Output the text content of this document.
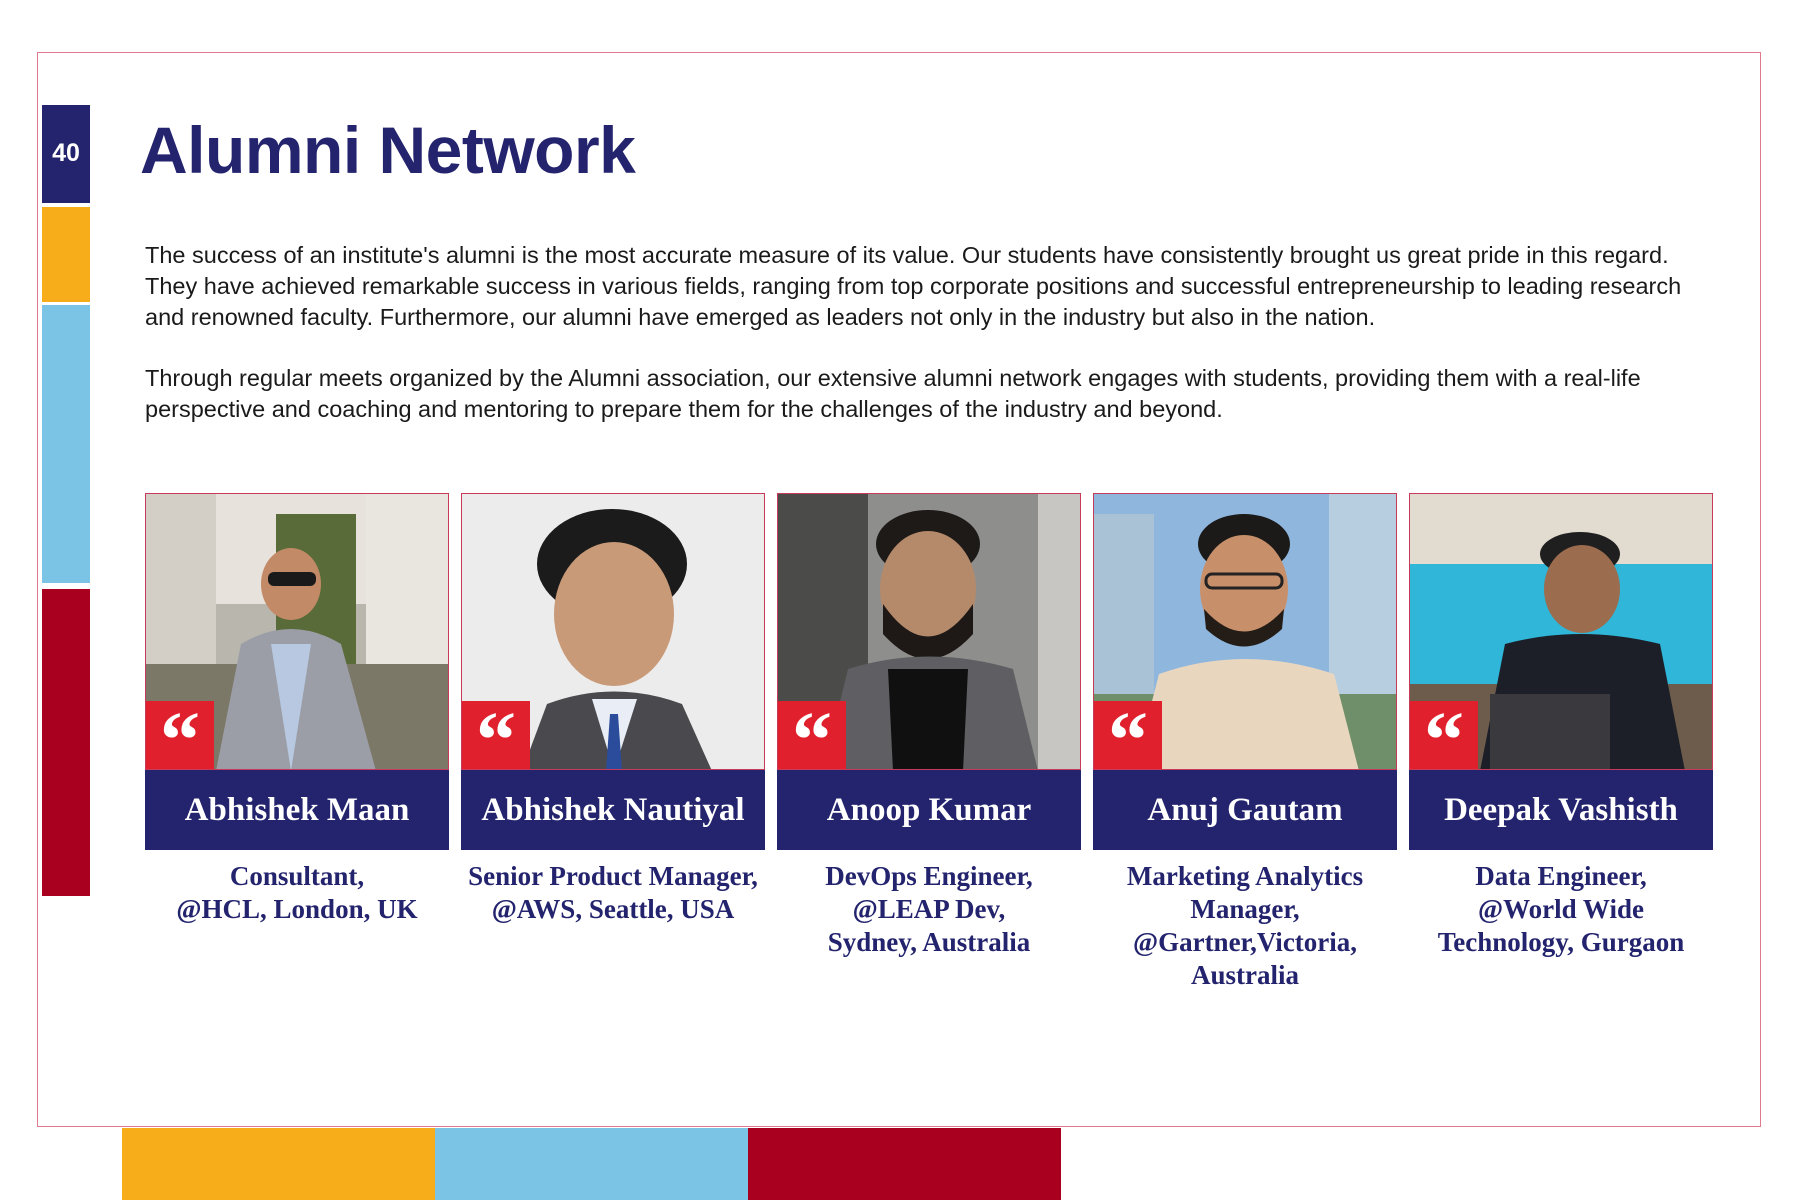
40 Alumni Network

The success of an institute's alumni is the most accurate measure of its value. Our students have consistently brought us great pride in this regard. They have achieved remarkable success in various fields, ranging from top corporate positions and successful entrepreneurship to leading research and renowned faculty. Furthermore, our alumni have emerged as leaders not only in the industry but also in the nation.

Through regular meets organized by the Alumni association, our extensive alumni network engages with students, providing them with a real-life perspective and coaching and mentoring to prepare them for the challenges of the industry and beyond.

“
Abhishek Maan
Consultant,
@HCL, London, UK
“
Abhishek Nautiyal
Senior Product Manager,
@AWS, Seattle, USA
“
Anoop Kumar
DevOps Engineer,
@LEAP Dev,
Sydney, Australia
“
Anuj Gautam
Marketing Analytics
Manager,
@Gartner,Victoria,
Australia
“
Deepak Vashisth
Data Engineer,
@World Wide
Technology, Gurgaon
